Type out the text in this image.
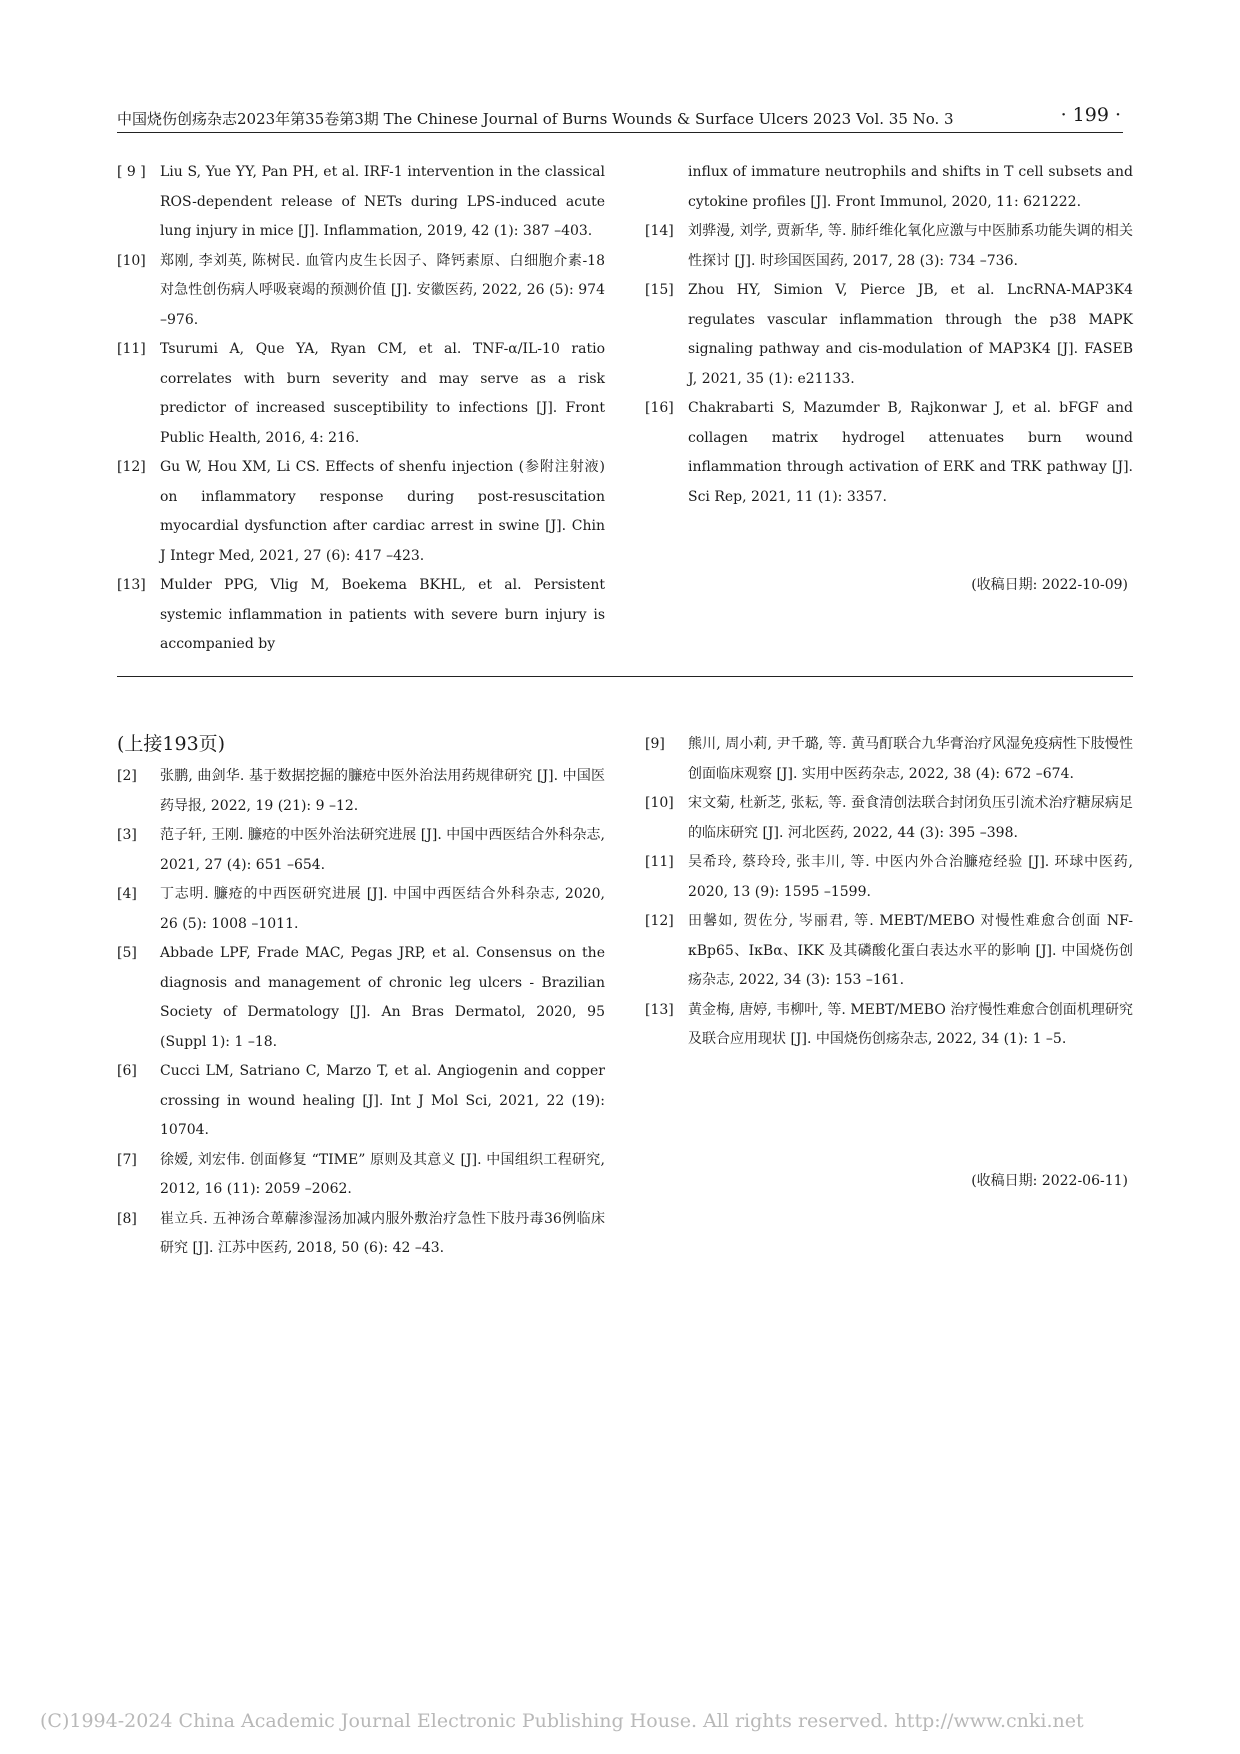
中国烧伤创疡杂志2023年第35卷第3期 The Chinese Journal of Burns Wounds & Surface Ulcers 2023 Vol. 35 No. 3	· 199 ·
[ 9 ] Liu S, Yue YY, Pan PH, et al. IRF-1 intervention in the classical ROS-dependent release of NETs during LPS-induced acute lung injury in mice [J]. Inflammation, 2019, 42 (1): 387 –403.
[10] 郑刚, 李刘英, 陈树民. 血管内皮生长因子、降钙素原、白细胞介素-18 对急性创伤病人呼吸衰竭的预测价值 [J]. 安徽医药, 2022, 26 (5): 974 –976.
[11] Tsurumi A, Que YA, Ryan CM, et al. TNF-α/IL-10 ratio correlates with burn severity and may serve as a risk predictor of increased susceptibility to infections [J]. Front Public Health, 2016, 4: 216.
[12] Gu W, Hou XM, Li CS. Effects of shenfu injection (参附注射液) on inflammatory response during post-resuscitation myocardial dysfunction after cardiac arrest in swine [J]. Chin J Integr Med, 2021, 27 (6): 417 –423.
[13] Mulder PPG, Vlig M, Boekema BKHL, et al. Persistent systemic inflammation in patients with severe burn injury is accompanied by
influx of immature neutrophils and shifts in T cell subsets and cytokine profiles [J]. Front Immunol, 2020, 11: 621222.
[14] 刘骅漫, 刘学, 贾新华, 等. 肺纤维化氧化应激与中医肺系功能失调的相关性探讨 [J]. 时珍国医国药, 2017, 28 (3): 734 –736.
[15] Zhou HY, Simion V, Pierce JB, et al. LncRNA-MAP3K4 regulates vascular inflammation through the p38 MAPK signaling pathway and cis-modulation of MAP3K4 [J]. FASEB J, 2021, 35 (1): e21133.
[16] Chakrabarti S, Mazumder B, Rajkonwar J, et al. bFGF and collagen matrix hydrogel attenuates burn wound inflammation through activation of ERK and TRK pathway [J]. Sci Rep, 2021, 11 (1): 3357.
(收稿日期: 2022-10-09)
(上接193页)
[2] 张鹏, 曲剑华. 基于数据挖掘的臁疮中医外治法用药规律研究 [J]. 中国医药导报, 2022, 19 (21): 9 –12.
[3] 范子轩, 王刚. 臁疮的中医外治法研究进展 [J]. 中国中西医结合外科杂志, 2021, 27 (4): 651 –654.
[4] 丁志明. 臁疮的中西医研究进展 [J]. 中国中西医结合外科杂志, 2020, 26 (5): 1008 –1011.
[5] Abbade LPF, Frade MAC, Pegas JRP, et al. Consensus on the diagnosis and management of chronic leg ulcers - Brazilian Society of Dermatology [J]. An Bras Dermatol, 2020, 95 (Suppl 1): 1 –18.
[6] Cucci LM, Satriano C, Marzo T, et al. Angiogenin and copper crossing in wound healing [J]. Int J Mol Sci, 2021, 22 (19): 10704.
[7] 徐嫒, 刘宏伟. 创面修复 “TIME” 原则及其意义 [J]. 中国组织工程研究, 2012, 16 (11): 2059 –2062.
[8] 崔立兵. 五神汤合萆薢渗湿汤加减内服外敷治疗急性下肢丹毒36例临床研究 [J]. 江苏中医药, 2018, 50 (6): 42 –43.
[9] 熊川, 周小莉, 尹千璐, 等. 黄马酊联合九华膏治疗风湿免疫病性下肢慢性创面临床观察 [J]. 实用中医药杂志, 2022, 38 (4): 672 –674.
[10] 宋文菊, 杜新芝, 张耘, 等. 蚕食清创法联合封闭负压引流术治疗糖尿病足的临床研究 [J]. 河北医药, 2022, 44 (3): 395 –398.
[11] 吴希玲, 蔡玲玲, 张丰川, 等. 中医内外合治臁疮经验 [J]. 环球中医药, 2020, 13 (9): 1595 –1599.
[12] 田馨如, 贺佐分, 岑丽君, 等. MEBT/MEBO 对慢性难愈合创面 NF-κBp65、IκBα、IKK 及其磷酸化蛋白表达水平的影响 [J]. 中国烧伤创疡杂志, 2022, 34 (3): 153 –161.
[13] 黄金梅, 唐婷, 韦柳叶, 等. MEBT/MEBO 治疗慢性难愈合创面机理研究及联合应用现状 [J]. 中国烧伤创疡杂志, 2022, 34 (1): 1 –5.
(收稿日期: 2022-06-11)
(C)1994-2024 China Academic Journal Electronic Publishing House. All rights reserved. http://www.cnki.net
